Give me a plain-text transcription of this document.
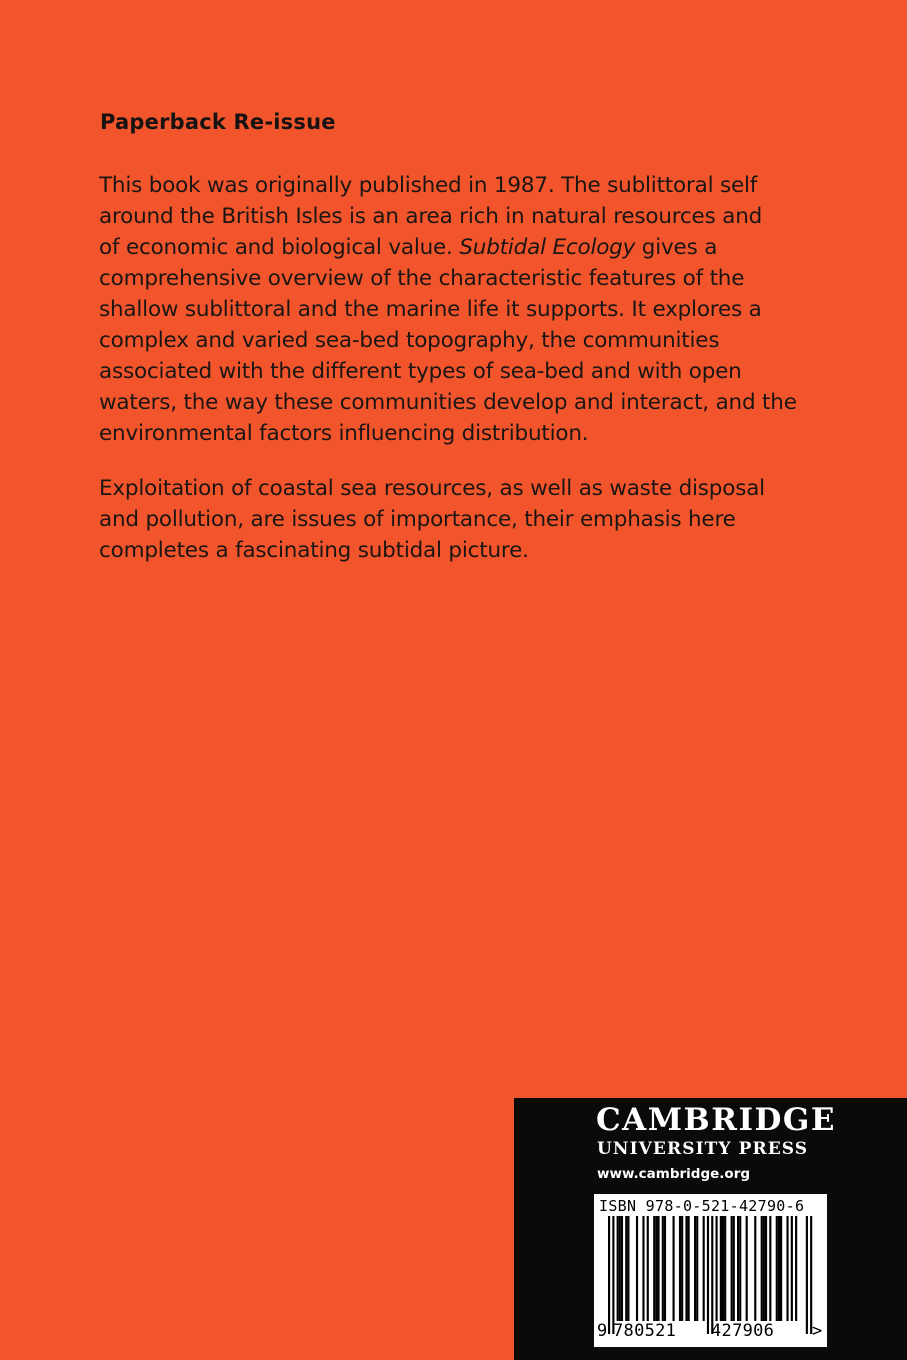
Paperback Re-issue
This book was originally published in 1987. The sublittoral self
around the British Isles is an area rich in natural resources and
of economic and biological value. Subtidal Ecology gives a
comprehensive overview of the characteristic features of the
shallow sublittoral and the marine life it supports. It explores a
complex and varied sea-bed topography, the communities
associated with the different types of sea-bed and with open
waters, the way these communities develop and interact, and the
environmental factors influencing distribution.
Exploitation of coastal sea resources, as well as waste disposal
and pollution, are issues of importance, their emphasis here
completes a fascinating subtidal picture.
CAMBRIDGE
UNIVERSITY PRESS
www.cambridge.org
ISBN 978-0-521-42790-6
9 780521 427906 >
